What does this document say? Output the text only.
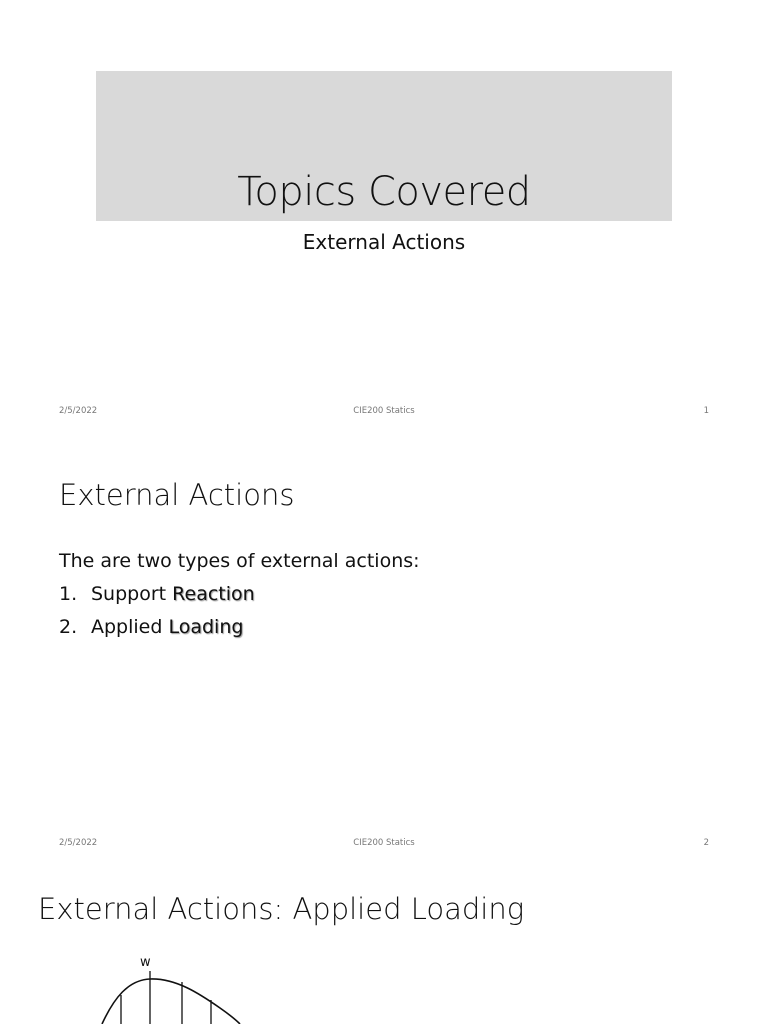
Topics Covered
External Actions
2/5/2022	CIE200 Statics	1
External Actions
The are two types of external actions:
1. Support Reaction
2. Applied Loading
2/5/2022	CIE200 Statics	2
External Actions: Applied Loading
w
